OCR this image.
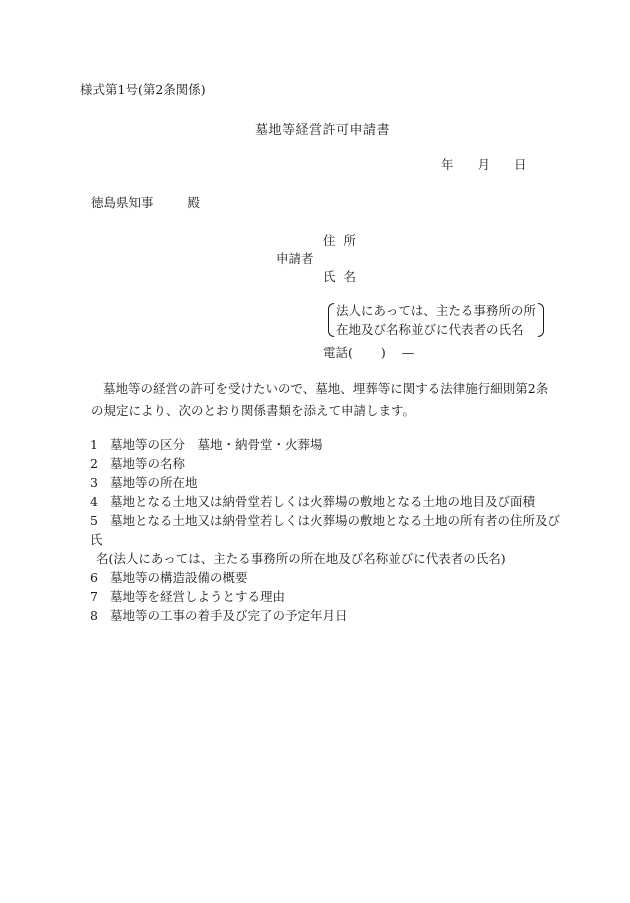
様式第1号(第2条関係)
墓地等経営許可申請書
年 月 日
徳島県知事	殿
住 所
申請者
氏 名
法人にあっては、主たる事務所の所
在地及び名称並びに代表者の氏名
電話( ) —
墓地等の経営の許可を受けたいので、墓地、埋葬等に関する法律施行細則第2条の規定により、次のとおり関係書類を添えて申請します。
1 墓地等の区分　墓地・納骨堂・火葬場
2 墓地等の名称
3 墓地等の所在地
4 墓地となる土地又は納骨堂若しくは火葬場の敷地となる土地の地目及び面積
5 墓地となる土地又は納骨堂若しくは火葬場の敷地となる土地の所有者の住所及び氏
名(法人にあっては、主たる事務所の所在地及び名称並びに代表者の氏名)
6 墓地等の構造設備の概要
7 墓地等を経営しようとする理由
8 墓地等の工事の着手及び完了の予定年月日
